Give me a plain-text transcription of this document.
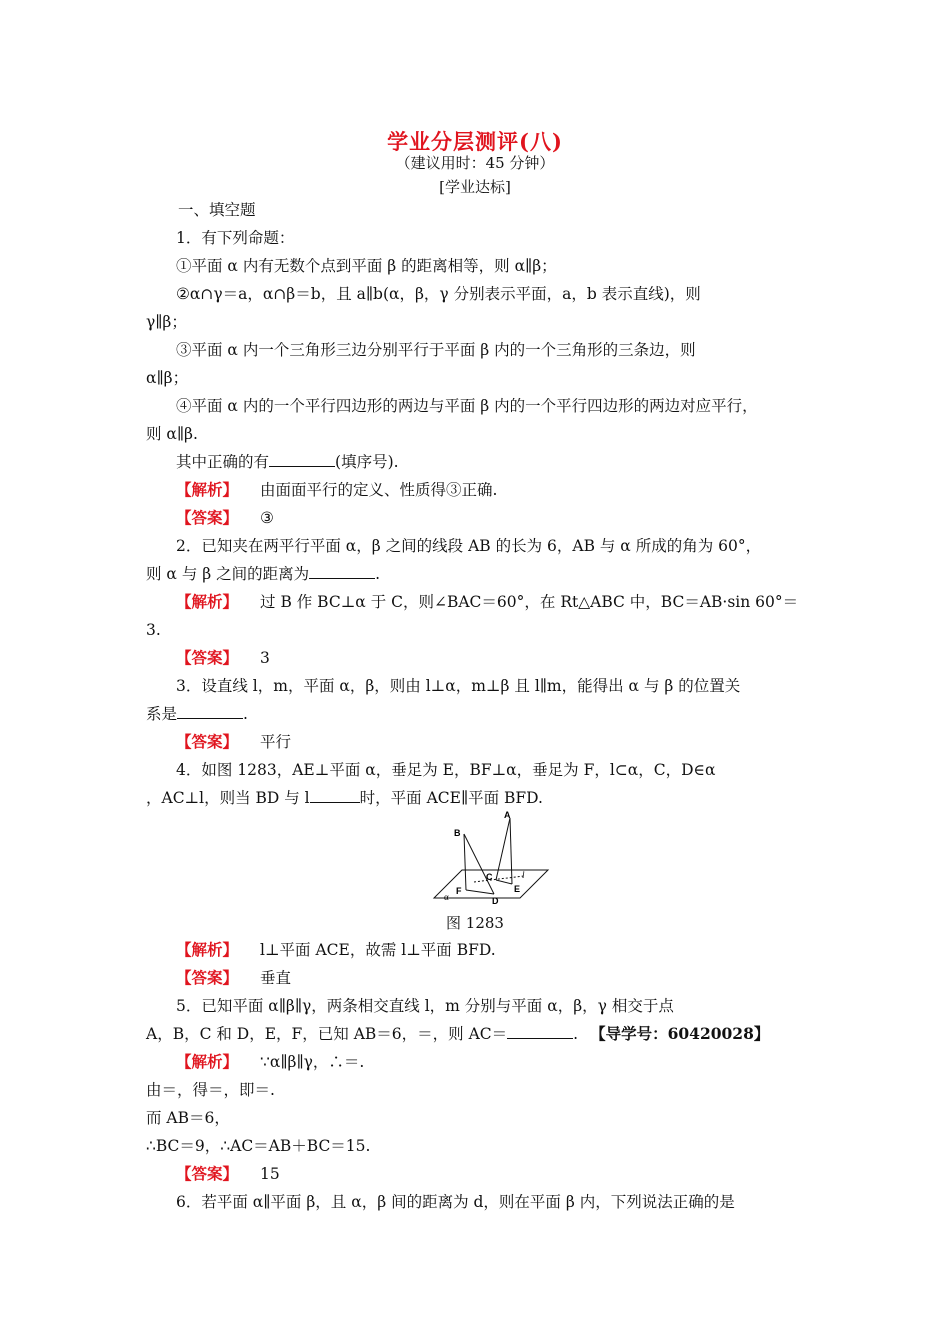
学业分层测评(八)
（建议用时：45 分钟）
[学业达标]
一、填空题
1．有下列命题：
①平面 α 内有无数个点到平面 β 的距离相等，则 α∥β；
②α∩γ＝a，α∩β＝b，且 a∥b(α，β，γ 分别表示平面，a，b 表示直线)，则
γ∥β；
③平面 α 内一个三角形三边分别平行于平面 β 内的一个三角形的三条边，则
α∥β；
④平面 α 内的一个平行四边形的两边与平面 β 内的一个平行四边形的两边对应平行，
则 α∥β.
其中正确的有	(填序号).
【解析】 由面面平行的定义、性质得③正确.
【答案】 ③
2．已知夹在两平行平面 α，β 之间的线段 AB 的长为 6，AB 与 α 所成的角为 60°，
则 α 与 β 之间的距离为	.
【解析】 过 B 作 BC⊥α 于 C，则∠BAC＝60°，在 Rt△ABC 中，BC＝AB·sin 60°＝
3.
【答案】 3
3．设直线 l，m，平面 α，β，则由 l⊥α，m⊥β 且 l∥m，能得出 α 与 β 的位置关
系是	.
【答案】 平行
4．如图 1283，AE⊥平面 α，垂足为 E，BF⊥α，垂足为 F，l⊂α，C，D∈α
，AC⊥l，则当 BD 与 l	时，平面 ACE∥平面 BFD.
B
A
C
D
E
F
l
α
图 1283
【解析】 l⊥平面 ACE，故需 l⊥平面 BFD.
【答案】 垂直
5．已知平面 α∥β∥γ，两条相交直线 l，m 分别与平面 α，β，γ 相交于点
A，B，C 和 D，E，F，已知 AB＝6，＝，则 AC＝	. 【导学号：60420028】
【解析】 ∵α∥β∥γ，∴＝.
由＝，得＝，即＝.
而 AB＝6，
∴BC＝9，∴AC＝AB＋BC＝15.
【答案】 15
6．若平面 α∥平面 β，且 α，β 间的距离为 d，则在平面 β 内，下列说法正确的是
